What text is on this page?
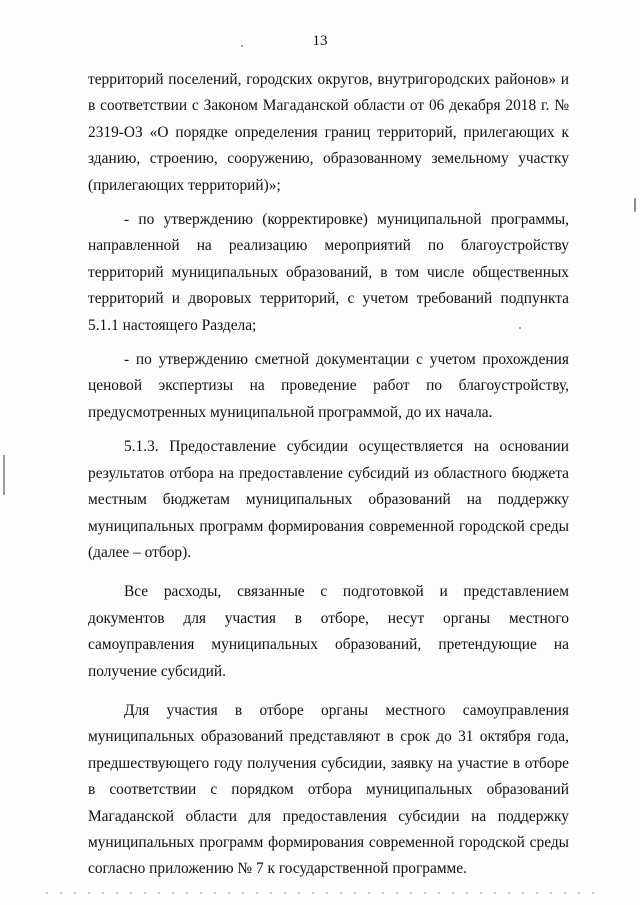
13

территорий поселений, городских округов, внутригородских районов» и в соответствии с Законом Магаданской области от 06 декабря 2018 г. № 2319-ОЗ «О порядке определения границ территорий, прилегающих к зданию, строению, сооружению, образованному земельному участку (прилегающих территорий)»;

- по утверждению (корректировке) муниципальной программы, направленной на реализацию мероприятий по благоустройству территорий муниципальных образований, в том числе общественных территорий и дворовых территорий, с учетом требований подпункта 5.1.1 настоящего Раздела;

- по утверждению сметной документации с учетом прохождения ценовой экспертизы на проведение работ по благоустройству, предусмотренных муниципальной программой, до их начала.

5.1.3. Предоставление субсидии осуществляется на основании результатов отбора на предоставление субсидий из областного бюджета местным бюджетам муниципальных образований на поддержку муниципальных программ формирования современной городской среды (далее – отбор).

Все расходы, связанные с подготовкой и представлением документов для участия в отборе, несут органы местного самоуправления муниципальных образований, претендующие на получение субсидий.

Для участия в отборе органы местного самоуправления муниципальных образований представляют в срок до 31 октября года, предшествующего году получения субсидии, заявку на участие в отборе в соответствии с порядком отбора муниципальных образований Магаданской области для предоставления субсидии на поддержку муниципальных программ формирования современной городской среды согласно приложению № 7 к государственной программе.
